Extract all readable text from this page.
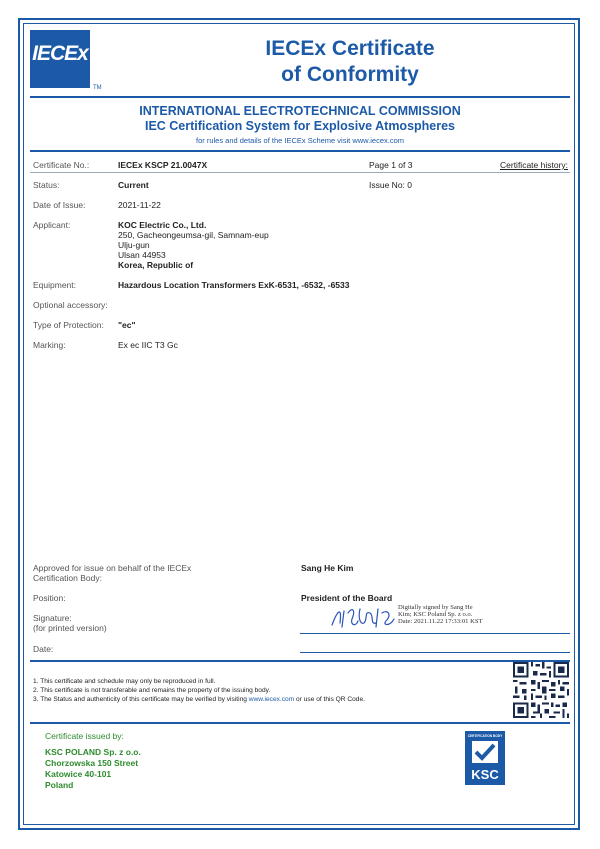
IECEx
TM
IECEx Certificate
of Conformity
INTERNATIONAL ELECTROTECHNICAL COMMISSION
IEC Certification System for Explosive Atmospheres
for rules and details of the IECEx Scheme visit www.iecex.com
Certificate No.:	IECEx KSCP 21.0047X	Page 1 of 3	Certificate history:
Status:	Current	Issue No: 0
Date of Issue:	2021-11-22
Applicant:	KOC Electric Co., Ltd.
250, Gacheongeumsa-gil, Samnam-eup
Ulju-gun
Ulsan 44953
Korea, Republic of
Equipment:	Hazardous Location Transformers ExK-6531, -6532, -6533
Optional accessory:
Type of Protection: "ec"
Marking:	Ex ec IIC T3 Gc
Approved for issue on behalf of the IECEx
Certification Body:
Sang He Kim
Position:	President of the Board
Signature:
(for printed version)
Digitally signed by Sang He
Kim; KSC Poland Sp. z o.o.
Date: 2021.11.22 17:33:01 KST
Date:
1. This certificate and schedule may only be reproduced in full.
2. This certificate is not transferable and remains the property of the issuing body.
3. The Status and authenticity of this certificate may be verified by visiting www.iecex.com or use of this QR Code.
Certificate issued by:
KSC POLAND Sp. z o.o.
Chorzowska 150 Street
Katowice 40-101
Poland
CERTIFICATION BODY
KSC
